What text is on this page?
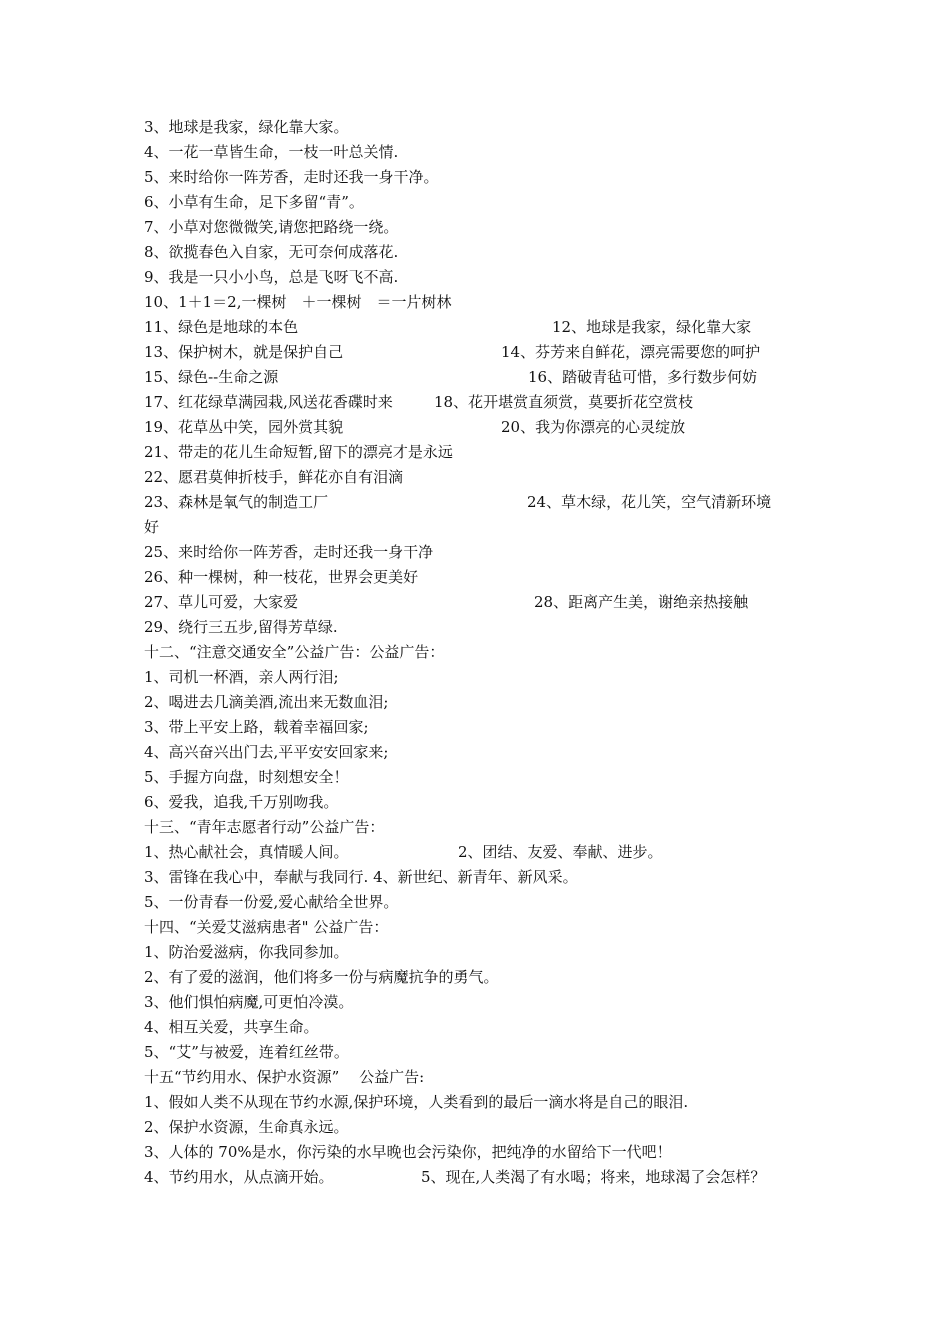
3、地球是我家，绿化靠大家。
4、一花一草皆生命，一枝一叶总关情.
5、来时给你一阵芳香，走时还我一身干净。
6、小草有生命，足下多留“青”。
7、小草对您微微笑,请您把路绕一绕。
8、欲揽春色入自家，无可奈何成落花.
9、我是一只小小鸟，总是飞呀飞不高.
10、1＋1＝2,一棵树　＋一棵树　＝一片树林
11、绿色是地球的本色	12、地球是我家，绿化靠大家
13、保护树木，就是保护自己	14、芬芳来自鲜花，漂亮需要您的呵护
15、绿色--生命之源	16、踏破青毡可惜，多行数步何妨
17、红花绿草满园栽,风送花香碟时来	18、花开堪赏直须赏，莫要折花空赏枝
19、花草丛中笑，园外赏其貌	20、我为你漂亮的心灵绽放
21、带走的花儿生命短暂,留下的漂亮才是永远
22、愿君莫伸折枝手，鲜花亦自有泪滴
23、森林是氧气的制造工厂	24、草木绿，花儿笑，空气清新环境
好
25、来时给你一阵芳香，走时还我一身干净
26、种一棵树，种一枝花，世界会更美好
27、草儿可爱，大家爱	28、距离产生美，谢绝亲热接触
29、绕行三五步,留得芳草绿.
十二、“注意交通安全”公益广告：公益广告：
1、司机一杯酒，亲人两行泪;
2、喝进去几滴美酒,流出来无数血泪;
3、带上平安上路，载着幸福回家;
4、高兴奋兴出门去,平平安安回家来;
5、手握方向盘，时刻想安全！
6、爱我，追我,千万别吻我。
十三、“青年志愿者行动”公益广告：
1、热心献社会，真情暖人间。	2、团结、友爱、奉献、进步。
3、雷锋在我心中，奉献与我同行. 4、新世纪、新青年、新风采。
5、一份青春一份爱,爱心献给全世界。
十四、“关爱艾滋病患者" 公益广告：
1、防治爱滋病，你我同参加。
2、有了爱的滋润，他们将多一份与病魔抗争的勇气。
3、他们惧怕病魔,可更怕冷漠。
4、相互关爱，共享生命。
5、“艾”与被爱，连着红丝带。
十五“节约用水、保护水资源”　 公益广告:
1、假如人类不从现在节约水源,保护环境，人类看到的最后一滴水将是自己的眼泪.
2、保护水资源，生命真永远。
3、人体的 70%是水，你污染的水早晚也会污染你，把纯净的水留给下一代吧！
4、节约用水，从点滴开始。	5、现在,人类渴了有水喝；将来，地球渴了会怎样？
